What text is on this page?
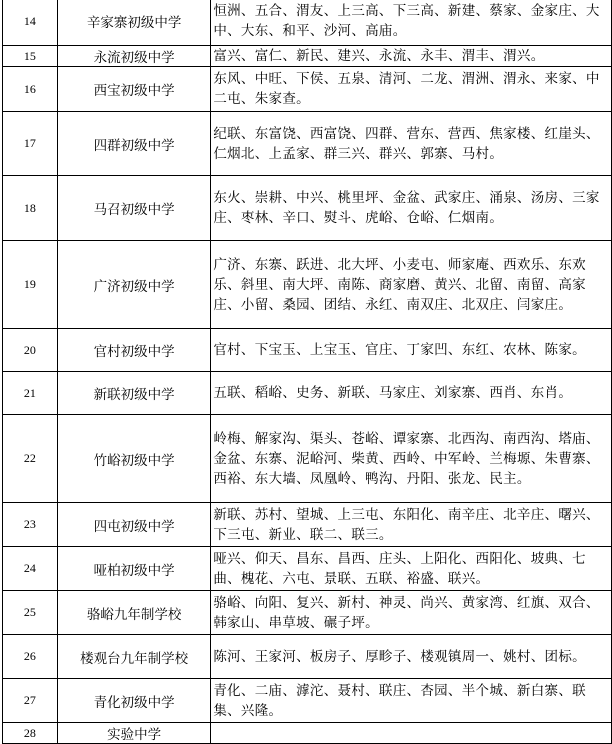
14	辛家寨初级中学	恒洲、五合、渭友、上三高、下三高、新建、蔡家、金家庄、大中、大东、和平、沙河、高庙。
15	永流初级中学	富兴、富仁、新民、建兴、永流、永丰、渭丰、渭兴。
16	西宝初级中学	东风、中旺、下侯、五泉、清河、二龙、渭洲、渭永、来家、中二屯、朱家查。
17	四群初级中学	纪联、东富饶、西富饶、四群、营东、营西、焦家楼、红崖头、仁烟北、上孟家、群三兴、群兴、郭寨、马村。
18	马召初级中学	东火、崇耕、中兴、桃里坪、金盆、武家庄、涌泉、汤房、三家庄、枣林、辛口、熨斗、虎峪、仓峪、仁烟南。
19	广济初级中学	广济、东寨、跃进、北大坪、小麦屯、师家庵、西欢乐、东欢乐、斜里、南大坪、南陈、商家磨、黄兴、北留、南留、高家庄、小留、桑园、团结、永红、南双庄、北双庄、闫家庄。
20	官村初级中学	官村、下宝玉、上宝玉、官庄、丁家凹、东红、农林、陈家。
21	新联初级中学	五联、稻峪、史务、新联、马家庄、刘家寨、西肖、东肖。
22	竹峪初级中学	岭梅、解家沟、渠头、苍峪、谭家寨、北西沟、南西沟、塔庙、金盆、东寨、泥峪河、柴黄、西岭、中军岭、兰梅塬、朱曹寨、西裕、东大墙、凤凰岭、鸭沟、丹阳、张龙、民主。
23	四屯初级中学	新联、苏村、望城、上三屯、东阳化、南辛庄、北辛庄、曙兴、下三屯、新业、联二、联三。
24	哑柏初级中学	哑兴、仰天、昌东、昌西、庄头、上阳化、西阳化、坡典、七曲、槐花、六屯、景联、五联、裕盛、联兴。
25	骆峪九年制学校	骆峪、向阳、复兴、新村、神灵、尚兴、黄家湾、红旗、双合、韩家山、串草坡、碾子坪。
26	楼观台九年制学校	陈河、王家河、板房子、厚畛子、楼观镇周一、姚村、团标。
27	青化初级中学	青化、二庙、滹沱、聂村、联庄、杏园、半个城、新白寨、联集、兴隆。
28	实验中学	
